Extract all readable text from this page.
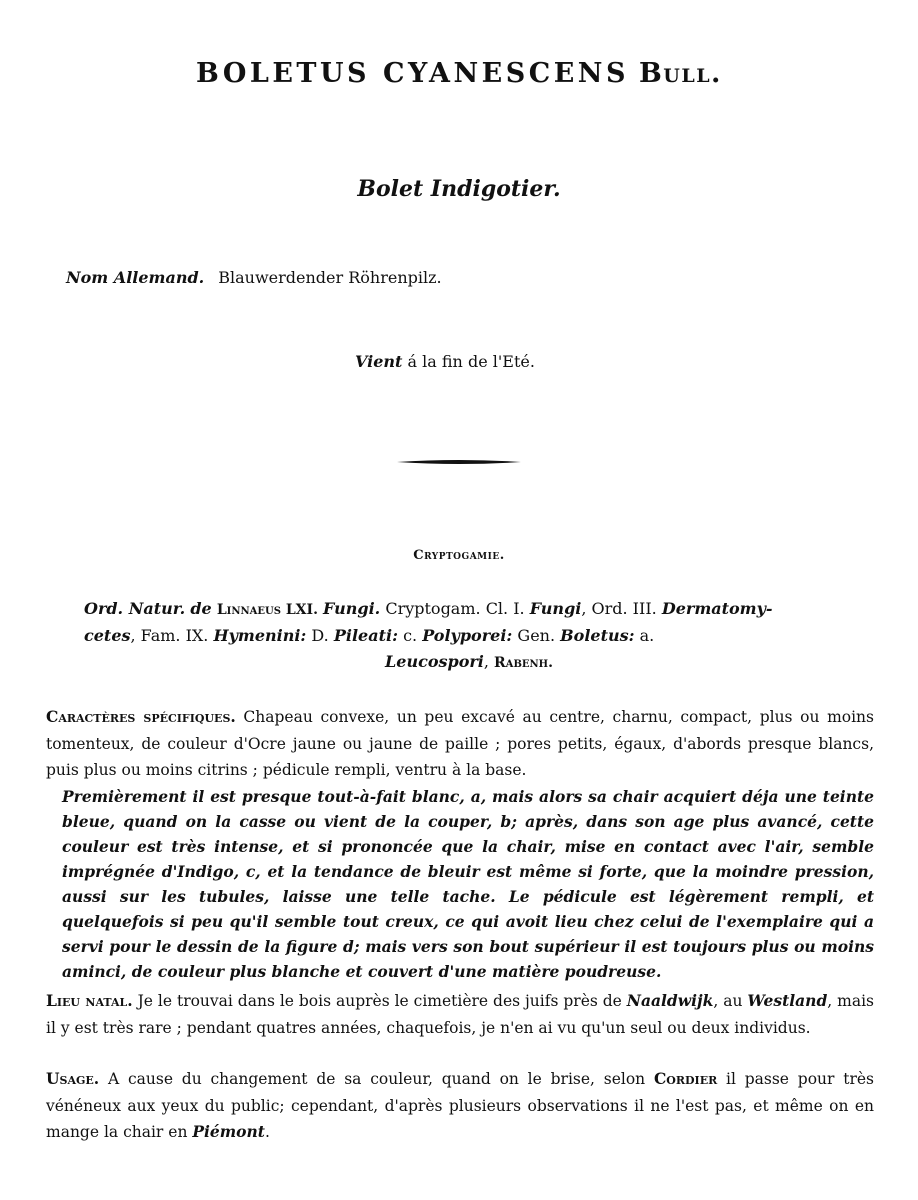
BOLETUS CYANESCENS Bull.
Bolet Indigotier.
Nom Allemand. Blauwerdender Röhrenpilz.
Vient á la fin de l'Eté.
Cryptogamie.
Ord. Natur. de Linnaeus LXI. Fungi. Cryptogam. Cl. I. Fungi, Ord. III. Dermatomy-
cetes, Fam. IX. Hymenini: D. Pileati: c. Polyporei: Gen. Boletus: a.
Leucospori, Rabenh.

Caractères spécifiques. Chapeau convexe, un peu excavé au centre, charnu, compact, plus ou moins tomenteux, de couleur d'Ocre jaune ou jaune de paille ; pores petits, égaux, d'abords presque blancs, puis plus ou moins citrins ; pédicule rempli, ventru à la base.

Premièrement il est presque tout-à-fait blanc, a, mais alors sa chair acquiert déja une teinte bleue, quand on la casse ou vient de la couper, b; après, dans son age plus avancé, cette couleur est très intense, et si prononcée que la chair, mise en contact avec l'air, semble imprégnée d'Indigo, c, et la tendance de bleuir est même si forte, que la moindre pression, aussi sur les tubules, laisse une telle tache. Le pédicule est légèrement rempli, et quelquefois si peu qu'il semble tout creux, ce qui avoit lieu chez celui de l'exemplaire qui a servi pour le dessin de la figure d; mais vers son bout supérieur il est toujours plus ou moins aminci, de couleur plus blanche et couvert d'une matière poudreuse.

Lieu natal. Je le trouvai dans le bois auprès le cimetière des juifs près de Naaldwijk, au Westland, mais il y est très rare ; pendant quatres années, chaquefois, je n'en ai vu qu'un seul ou deux individus.

Usage. A cause du changement de sa couleur, quand on le brise, selon Cordier il passe pour très vénéneux aux yeux du public; cependant, d'après plusieurs observations il ne l'est pas, et même on en mange la chair en Piémont.
